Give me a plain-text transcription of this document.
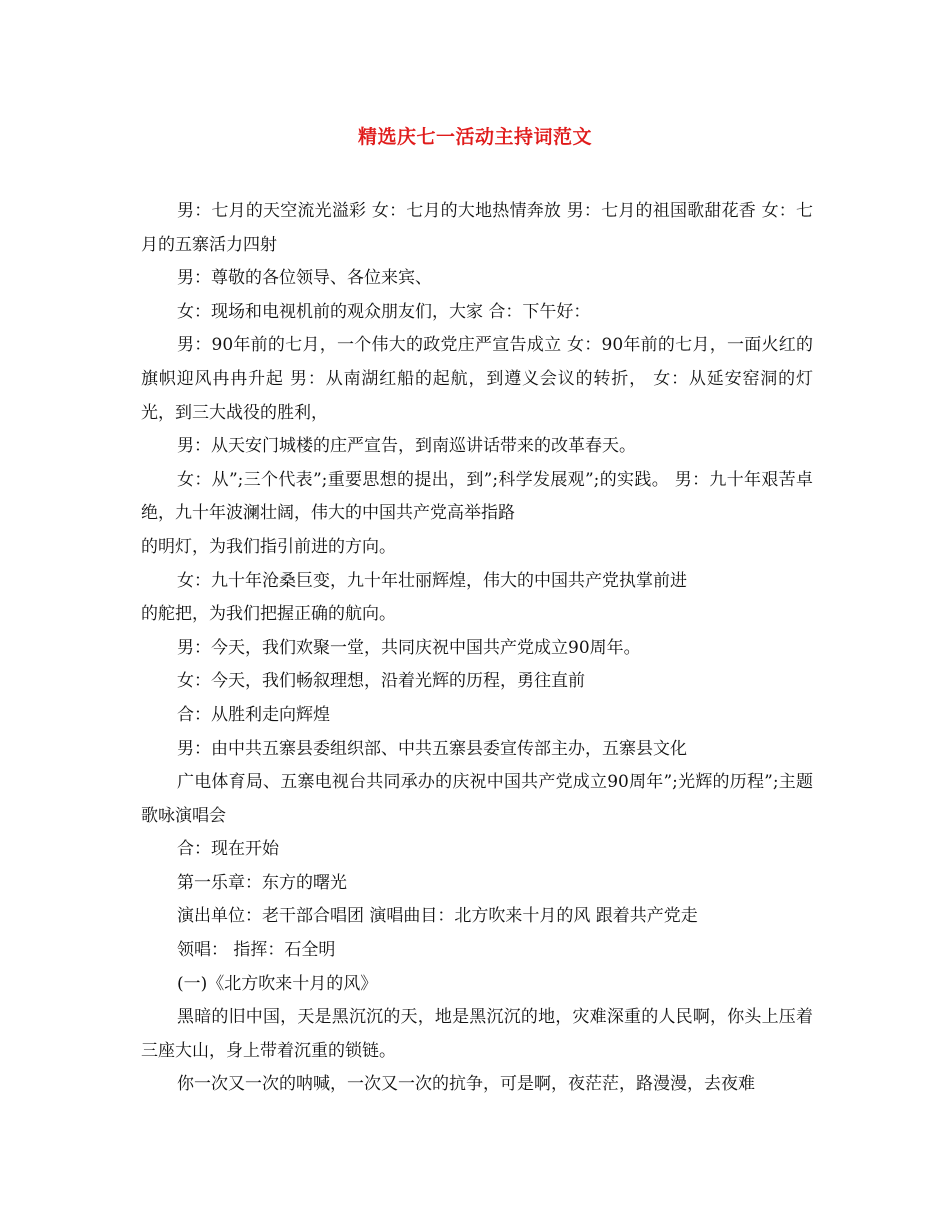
精选庆七一活动主持词范文

男：七月的天空流光溢彩 女：七月的大地热情奔放 男：七月的祖国歌甜花香 女：七月的五寨活力四射

男：尊敬的各位领导、各位来宾、

女：现场和电视机前的观众朋友们，大家 合：下午好：

男：90年前的七月，一个伟大的政党庄严宣告成立 女：90年前的七月，一面火红的旗帜迎风冉冉升起 男：从南湖红船的起航，到遵义会议的转折， 女：从延安窑洞的灯光，到三大战役的胜利，

男：从天安门城楼的庄严宣告，到南巡讲话带来的改革春天。

女：从”;三个代表”;重要思想的提出，到”;科学发展观”;的实践。 男：九十年艰苦卓绝，九十年波澜壮阔，伟大的中国共产党高举指路

的明灯，为我们指引前进的方向。

女：九十年沧桑巨变，九十年壮丽辉煌，伟大的中国共产党执掌前进

的舵把，为我们把握正确的航向。

男：今天，我们欢聚一堂，共同庆祝中国共产党成立90周年。

女：今天，我们畅叙理想，沿着光辉的历程，勇往直前

合：从胜利走向辉煌

男：由中共五寨县委组织部、中共五寨县委宣传部主办，五寨县文化

广电体育局、五寨电视台共同承办的庆祝中国共产党成立90周年”;光辉的历程”;主题歌咏演唱会

合：现在开始

第一乐章：东方的曙光

演出单位：老干部合唱团 演唱曲目：北方吹来十月的风 跟着共产党走

领唱： 指挥：石全明

(一)《北方吹来十月的风》

黑暗的旧中国，天是黑沉沉的天，地是黑沉沉的地，灾难深重的人民啊，你头上压着三座大山，身上带着沉重的锁链。

你一次又一次的呐喊，一次又一次的抗争，可是啊，夜茫茫，路漫漫，去夜难
